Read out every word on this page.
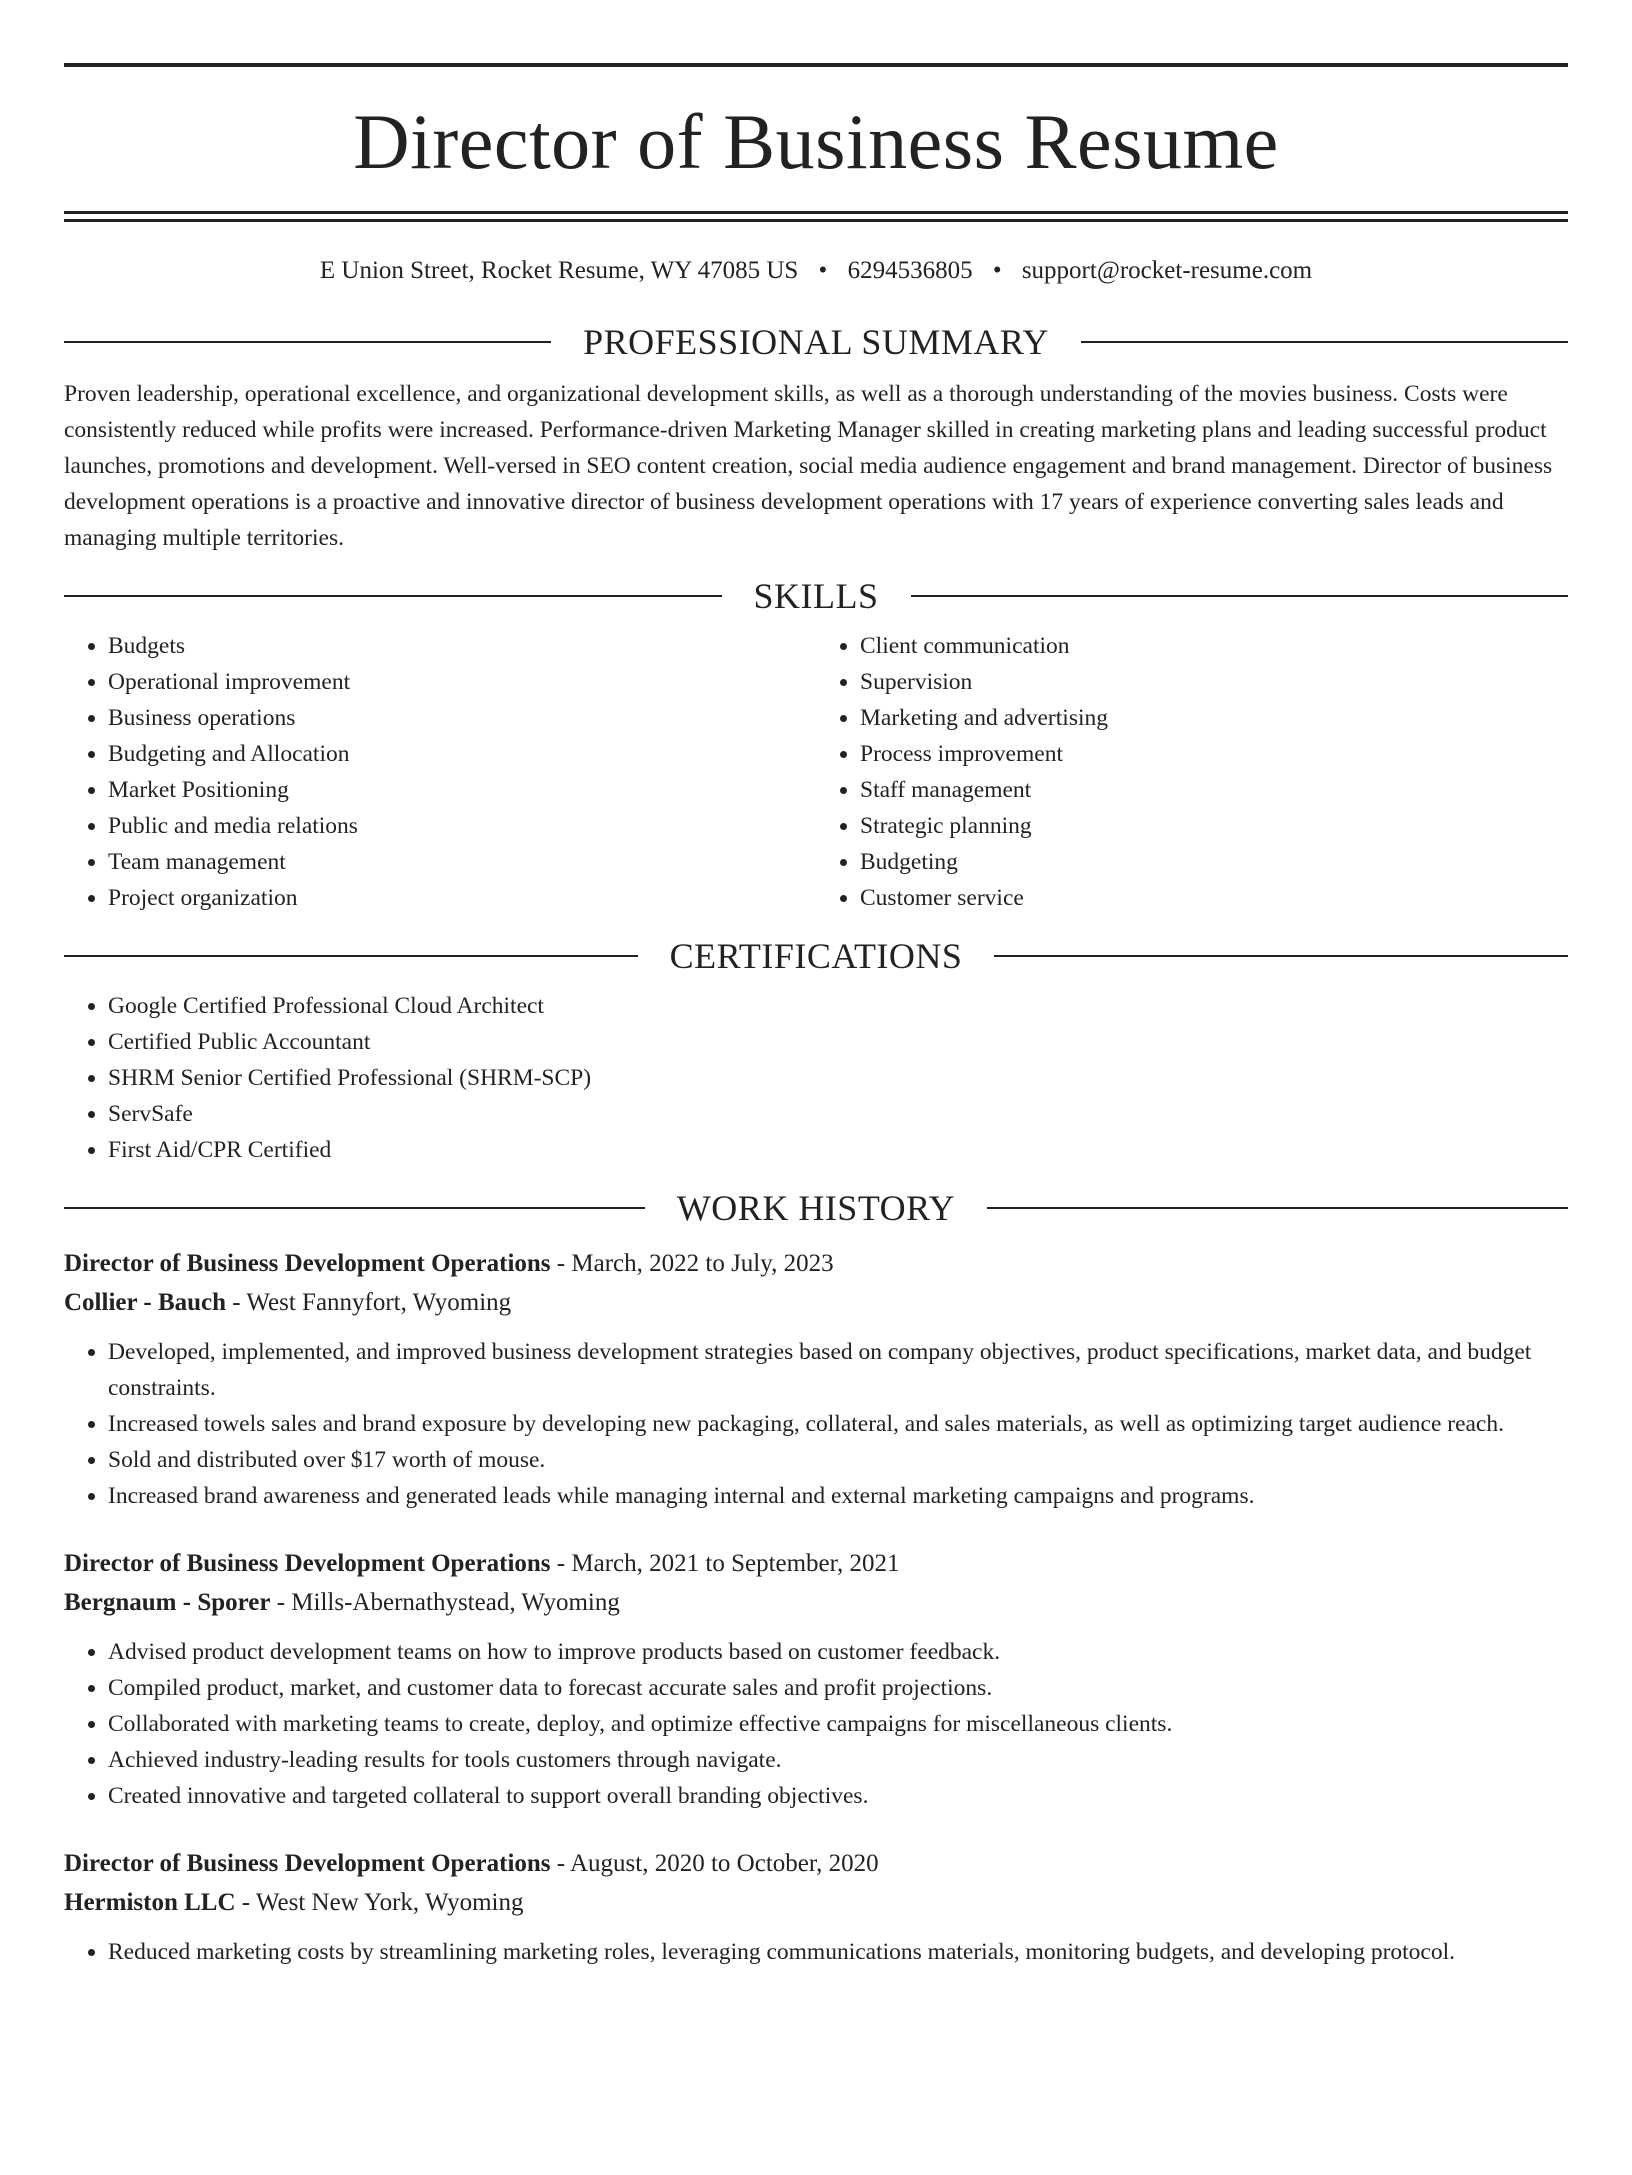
Director of Business Resume
E Union Street, Rocket Resume, WY 47085 US • 6294536805 • support@rocket-resume.com
PROFESSIONAL SUMMARY
Proven leadership, operational excellence, and organizational development skills, as well as a thorough understanding of the movies business. Costs were consistently reduced while profits were increased. Performance-driven Marketing Manager skilled in creating marketing plans and leading successful product launches, promotions and development. Well-versed in SEO content creation, social media audience engagement and brand management. Director of business development operations is a proactive and innovative director of business development operations with 17 years of experience converting sales leads and managing multiple territories.
SKILLS
• Budgets
• Operational improvement
• Business operations
• Budgeting and Allocation
• Market Positioning
• Public and media relations
• Team management
• Project organization
• Client communication
• Supervision
• Marketing and advertising
• Process improvement
• Staff management
• Strategic planning
• Budgeting
• Customer service
CERTIFICATIONS
• Google Certified Professional Cloud Architect
• Certified Public Accountant
• SHRM Senior Certified Professional (SHRM-SCP)
• ServSafe
• First Aid/CPR Certified
WORK HISTORY
Director of Business Development Operations - March, 2022 to July, 2023
Collier - Bauch - West Fannyfort, Wyoming
• Developed, implemented, and improved business development strategies based on company objectives, product specifications, market data, and budget constraints.
• Increased towels sales and brand exposure by developing new packaging, collateral, and sales materials, as well as optimizing target audience reach.
• Sold and distributed over $17 worth of mouse.
• Increased brand awareness and generated leads while managing internal and external marketing campaigns and programs.
Director of Business Development Operations - March, 2021 to September, 2021
Bergnaum - Sporer - Mills-Abernathystead, Wyoming
• Advised product development teams on how to improve products based on customer feedback.
• Compiled product, market, and customer data to forecast accurate sales and profit projections.
• Collaborated with marketing teams to create, deploy, and optimize effective campaigns for miscellaneous clients.
• Achieved industry-leading results for tools customers through navigate.
• Created innovative and targeted collateral to support overall branding objectives.
Director of Business Development Operations - August, 2020 to October, 2020
Hermiston LLC - West New York, Wyoming
• Reduced marketing costs by streamlining marketing roles, leveraging communications materials, monitoring budgets, and developing protocol.
